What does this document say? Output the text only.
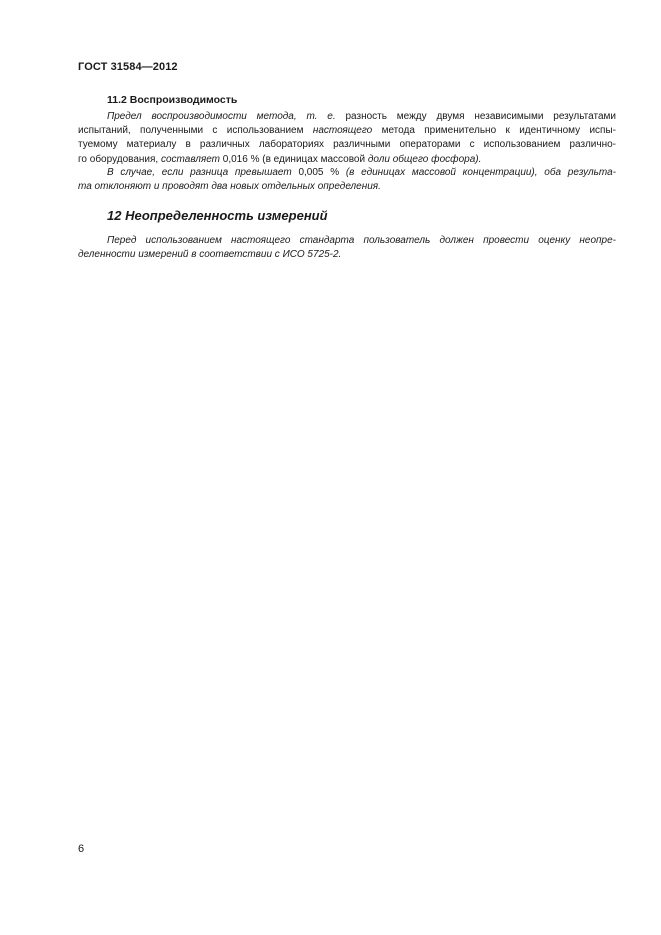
ГОСТ 31584—2012
11.2 Воспроизводимость
Предел воспроизводимости метода, т. е. разность между двумя независимыми результатами
испытаний, полученными с использованием настоящего метода применительно к идентичному испы-
туемому материалу в различных лабораториях различными операторами с использованием различно-
го оборудования, составляет 0,016 % (в единицах массовой доли общего фосфора).
В случае, если разница превышает 0,005 % (в единицах массовой концентрации), оба результа-
та отклоняют и проводят два новых отдельных определения.
12 Неопределенность измерений
Перед использованием настоящего стандарта пользователь должен провести оценку неопре-
деленности измерений в соответствии с ИСО 5725-2.
6
